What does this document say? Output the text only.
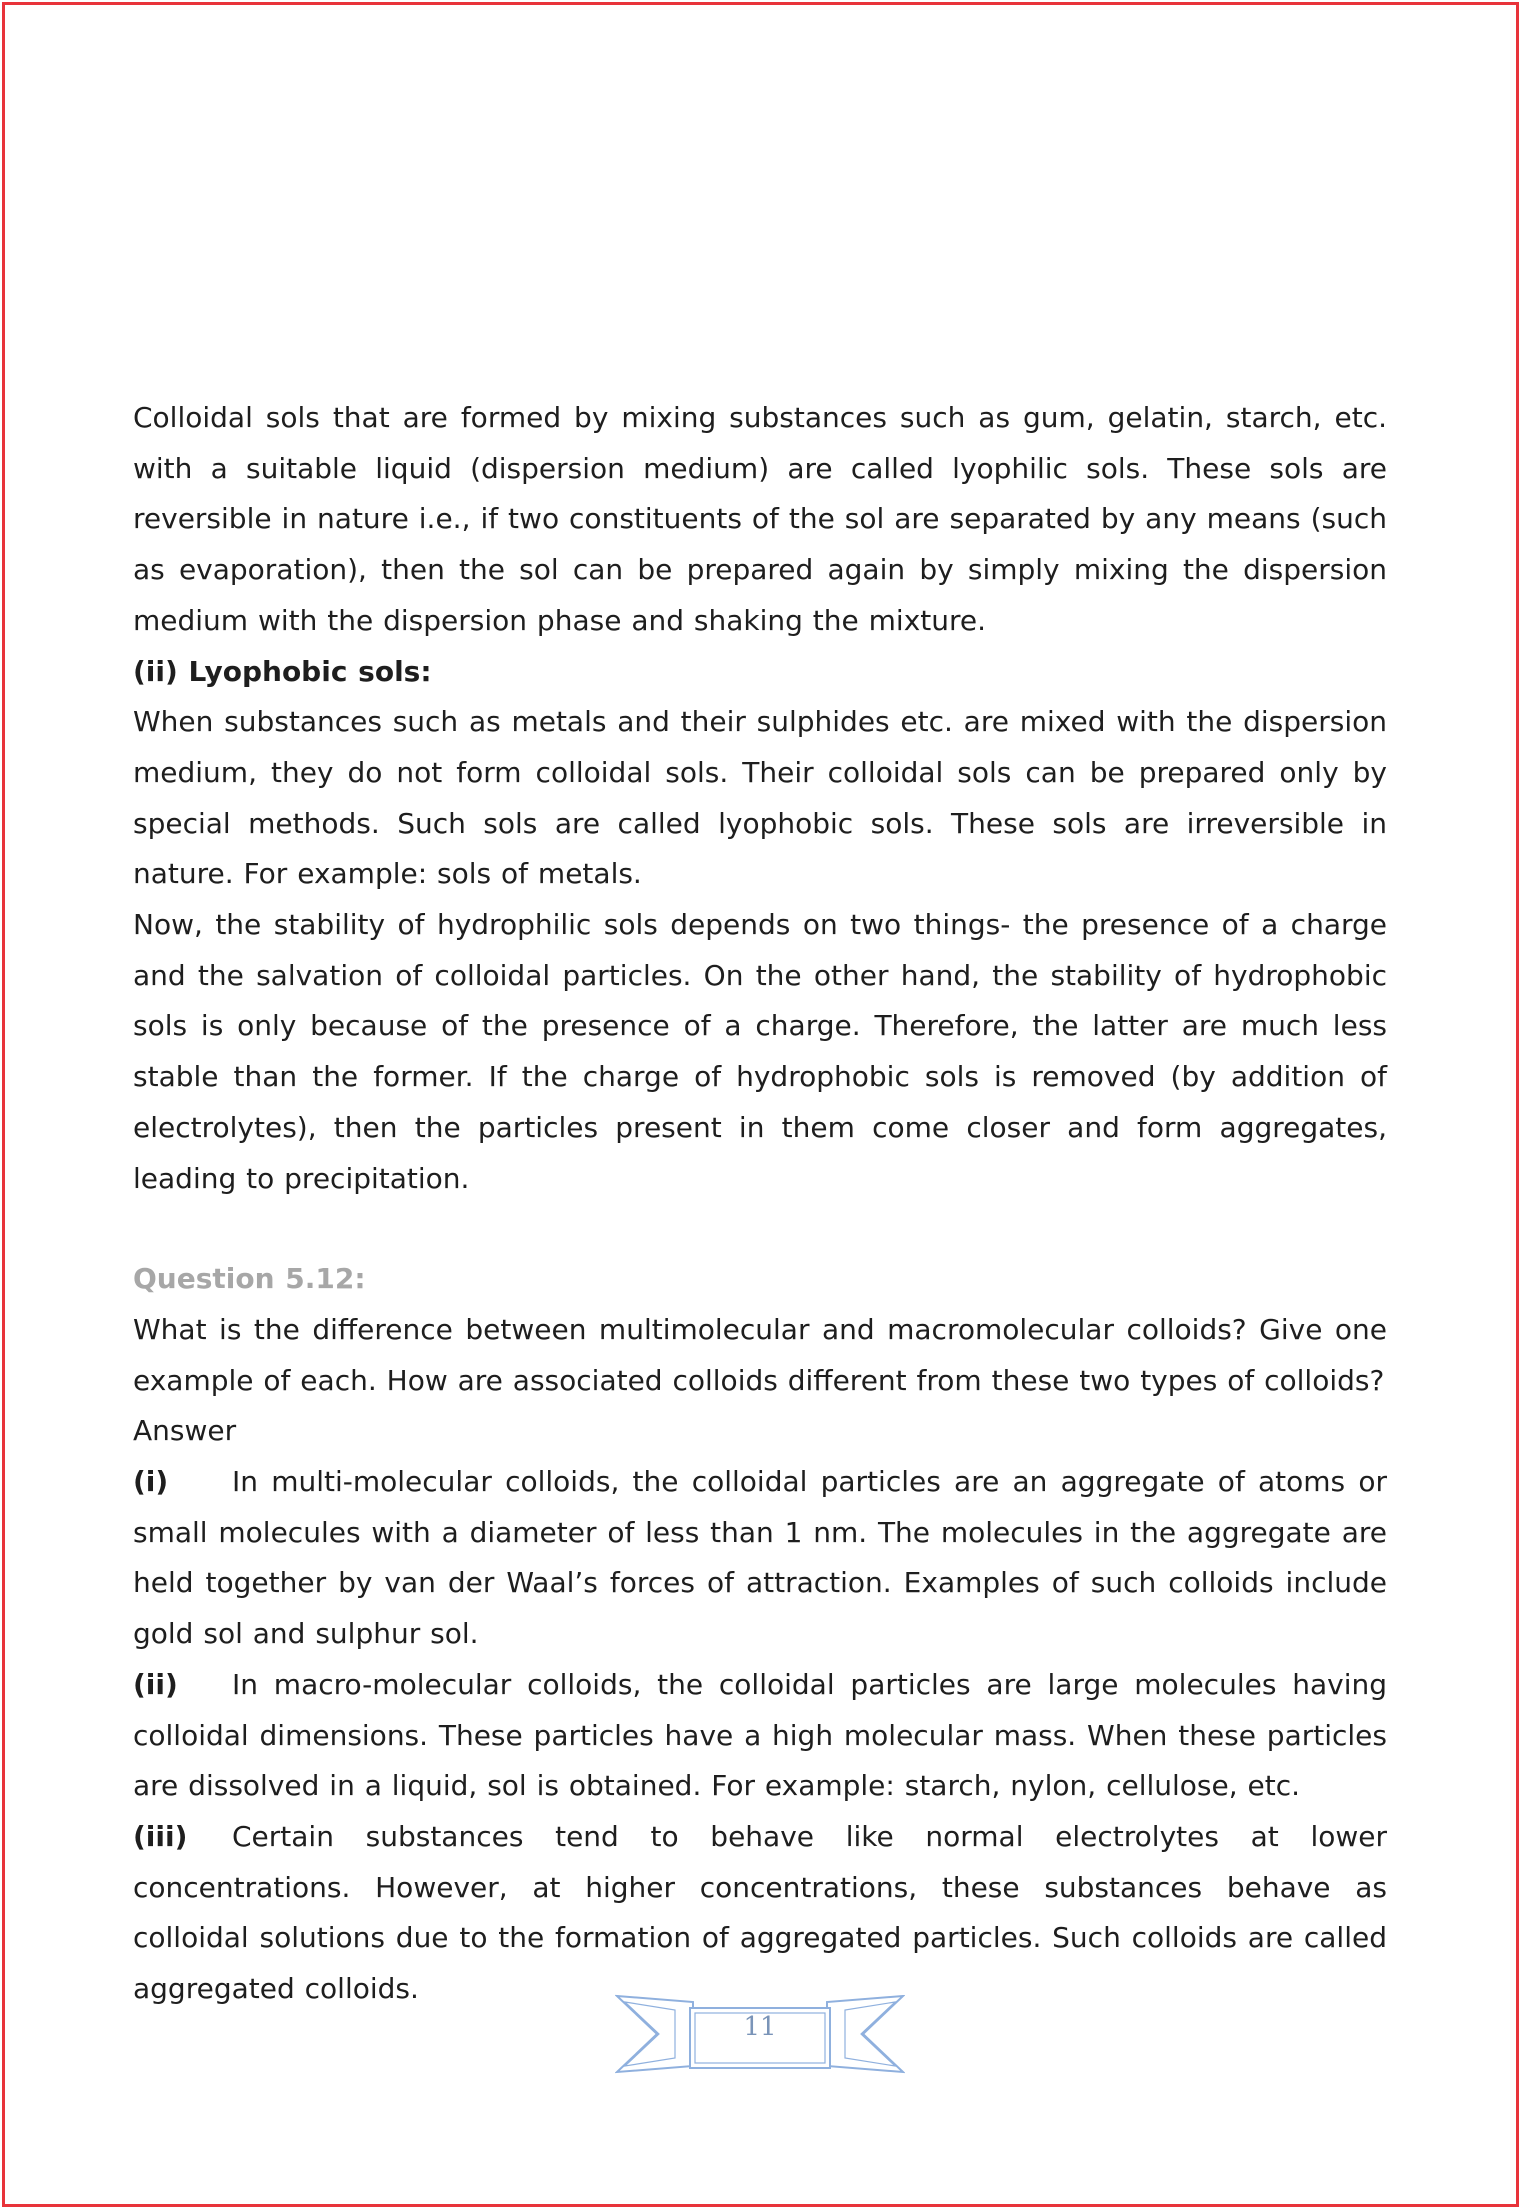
Colloidal sols that are formed by mixing substances such as gum, gelatin, starch, etc. with a suitable liquid (dispersion medium) are called lyophilic sols. These sols are reversible in nature i.e., if two constituents of the sol are separated by any means (such as evaporation), then the sol can be prepared again by simply mixing the dispersion medium with the dispersion phase and shaking the mixture.

(ii) Lyophobic sols:

When substances such as metals and their sulphides etc. are mixed with the dispersion medium, they do not form colloidal sols. Their colloidal sols can be prepared only by special methods. Such sols are called lyophobic sols. These sols are irreversible in nature. For example: sols of metals.

Now, the stability of hydrophilic sols depends on two things- the presence of a charge and the salvation of colloidal particles. On the other hand, the stability of hydrophobic sols is only because of the presence of a charge. Therefore, the latter are much less stable than the former. If the charge of hydrophobic sols is removed (by addition of electrolytes), then the particles present in them come closer and form aggregates, leading to precipitation.

Question 5.12:

What is the difference between multimolecular and macromolecular colloids? Give one example of each. How are associated colloids different from these two types of colloids?

Answer

(i) In multi-molecular colloids, the colloidal particles are an aggregate of atoms or small molecules with a diameter of less than 1 nm. The molecules in the aggregate are held together by van der Waal’s forces of attraction. Examples of such colloids include gold sol and sulphur sol.

(ii) In macro-molecular colloids, the colloidal particles are large molecules having colloidal dimensions. These particles have a high molecular mass. When these particles are dissolved in a liquid, sol is obtained. For example: starch, nylon, cellulose, etc.

(iii) Certain substances tend to behave like normal electrolytes at lower concentrations. However, at higher concentrations, these substances behave as colloidal solutions due to the formation of aggregated particles. Such colloids are called aggregated colloids.

11
